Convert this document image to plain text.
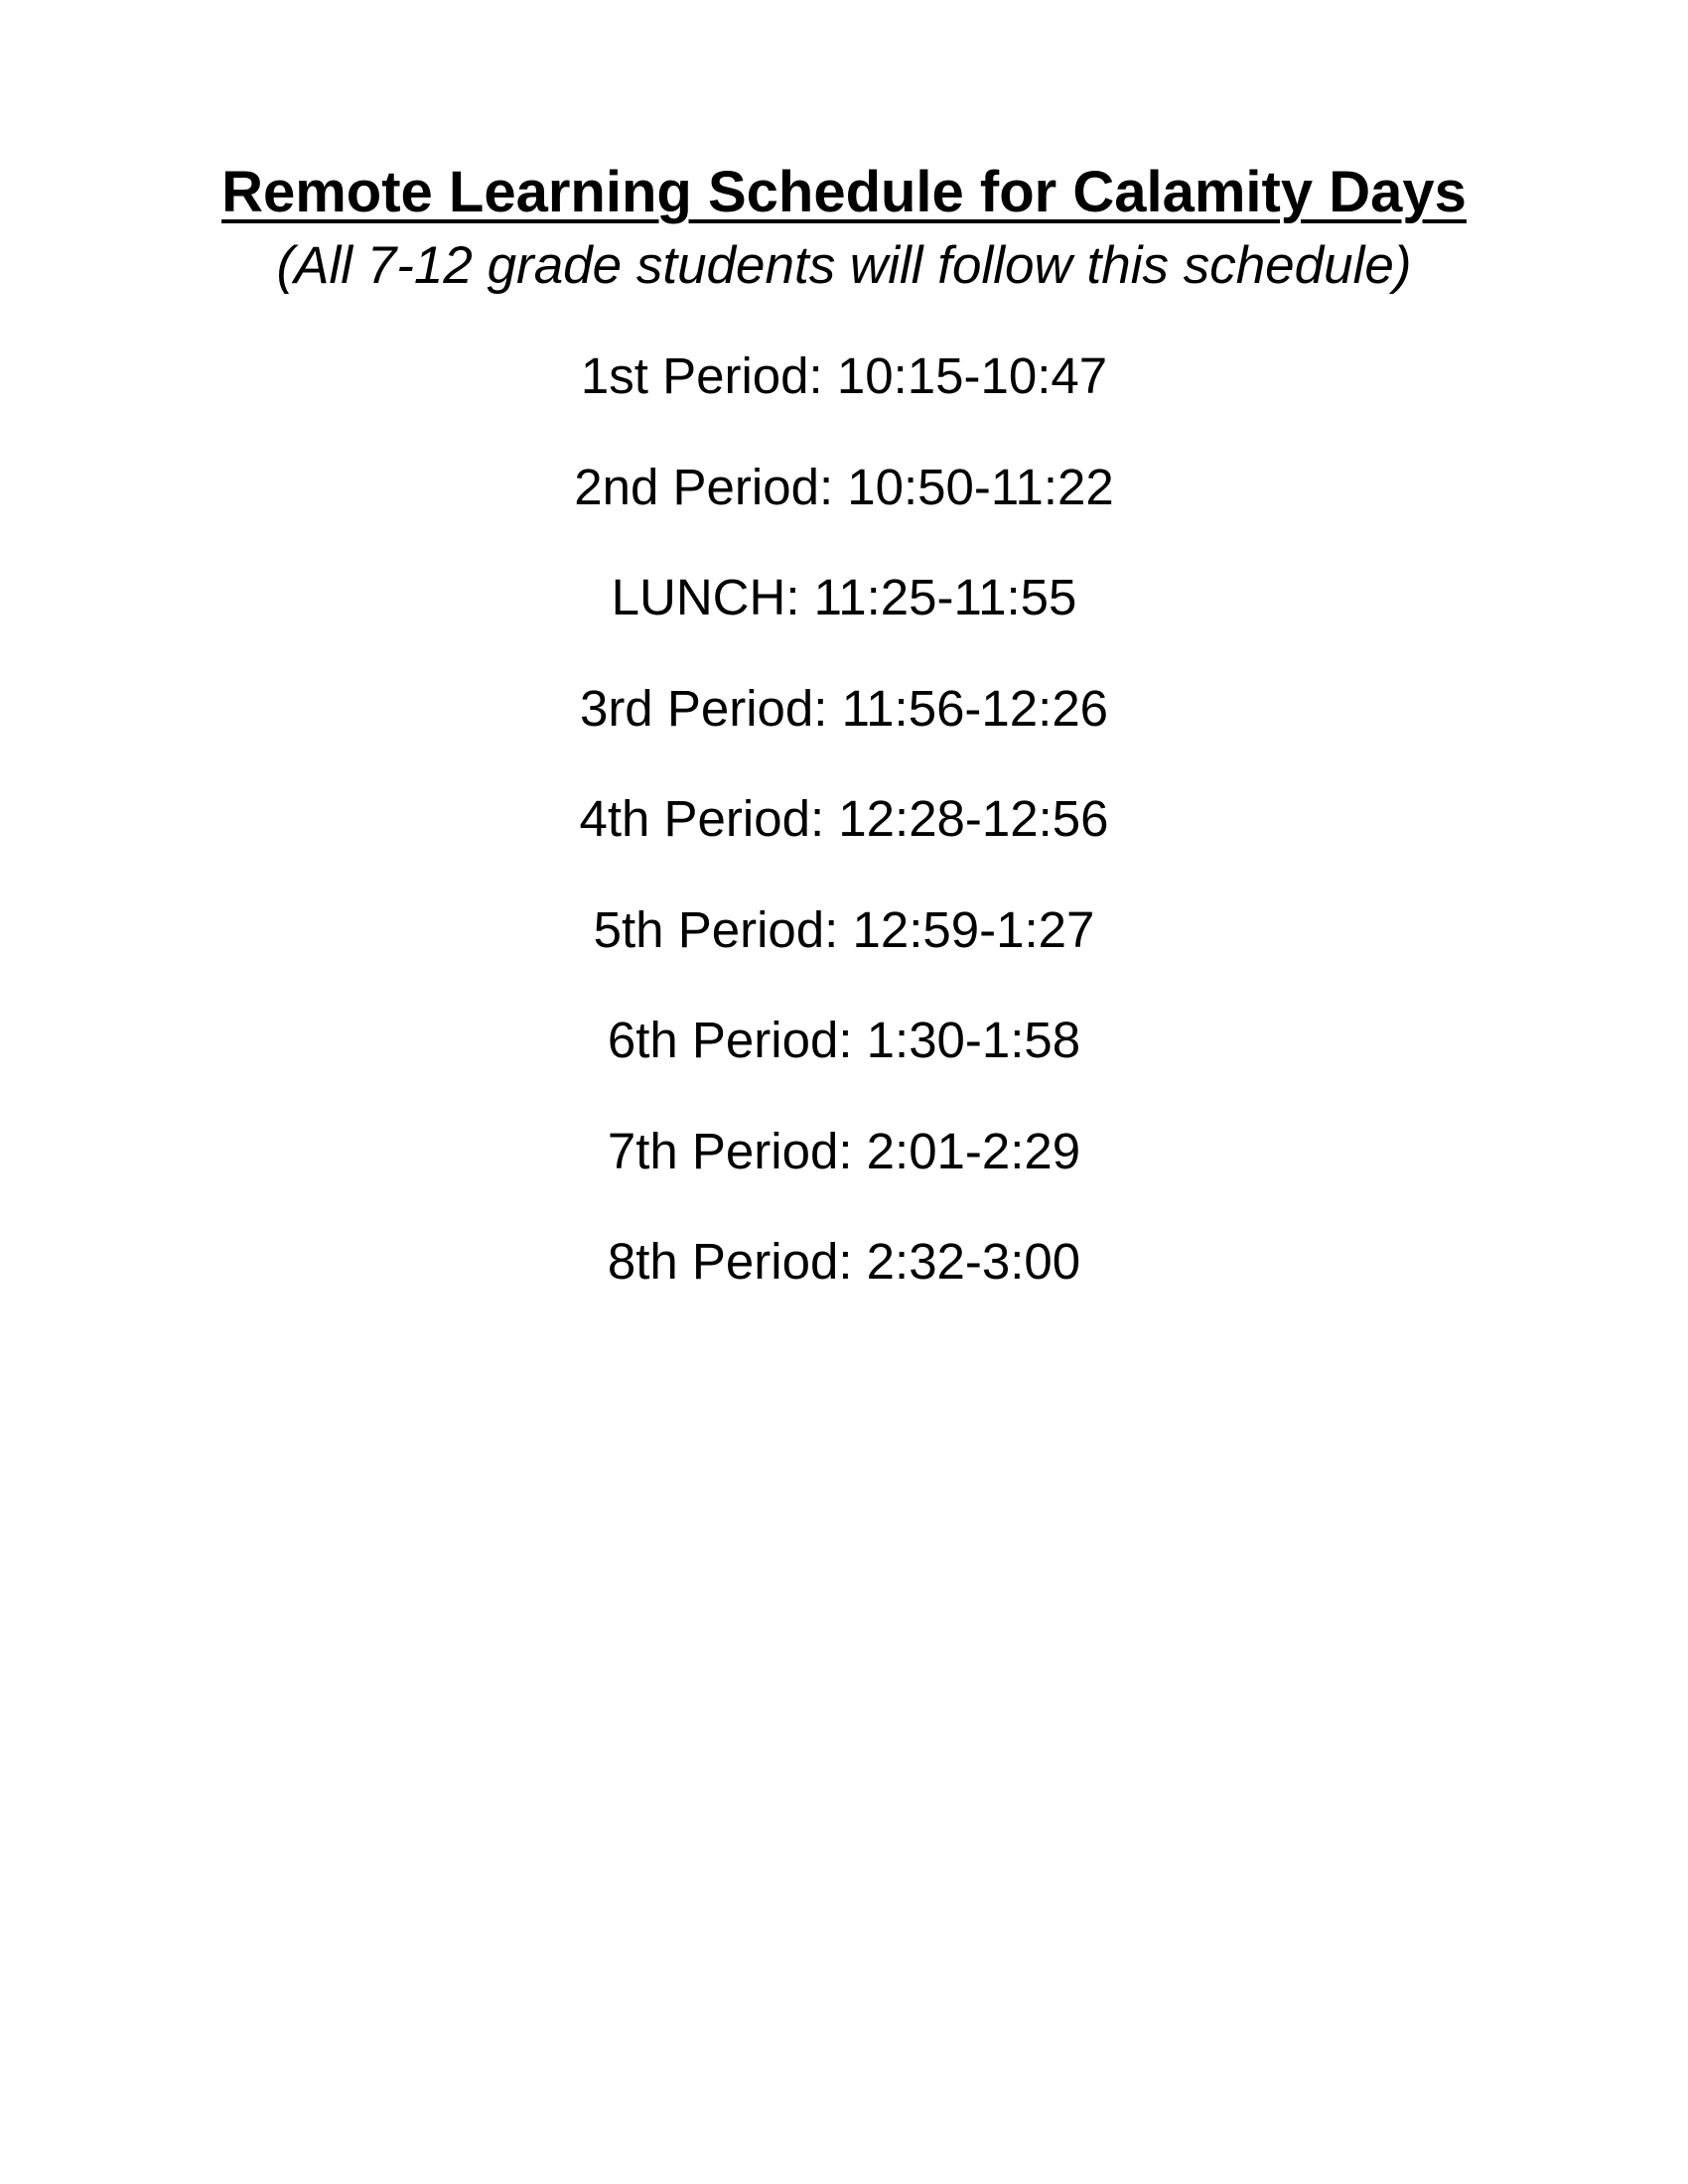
Remote Learning Schedule for Calamity Days
(All 7-12 grade students will follow this schedule)
1st Period: 10:15-10:47
2nd Period: 10:50-11:22
LUNCH: 11:25-11:55
3rd Period: 11:56-12:26
4th Period: 12:28-12:56
5th Period: 12:59-1:27
6th Period: 1:30-1:58
7th Period: 2:01-2:29
8th Period: 2:32-3:00
